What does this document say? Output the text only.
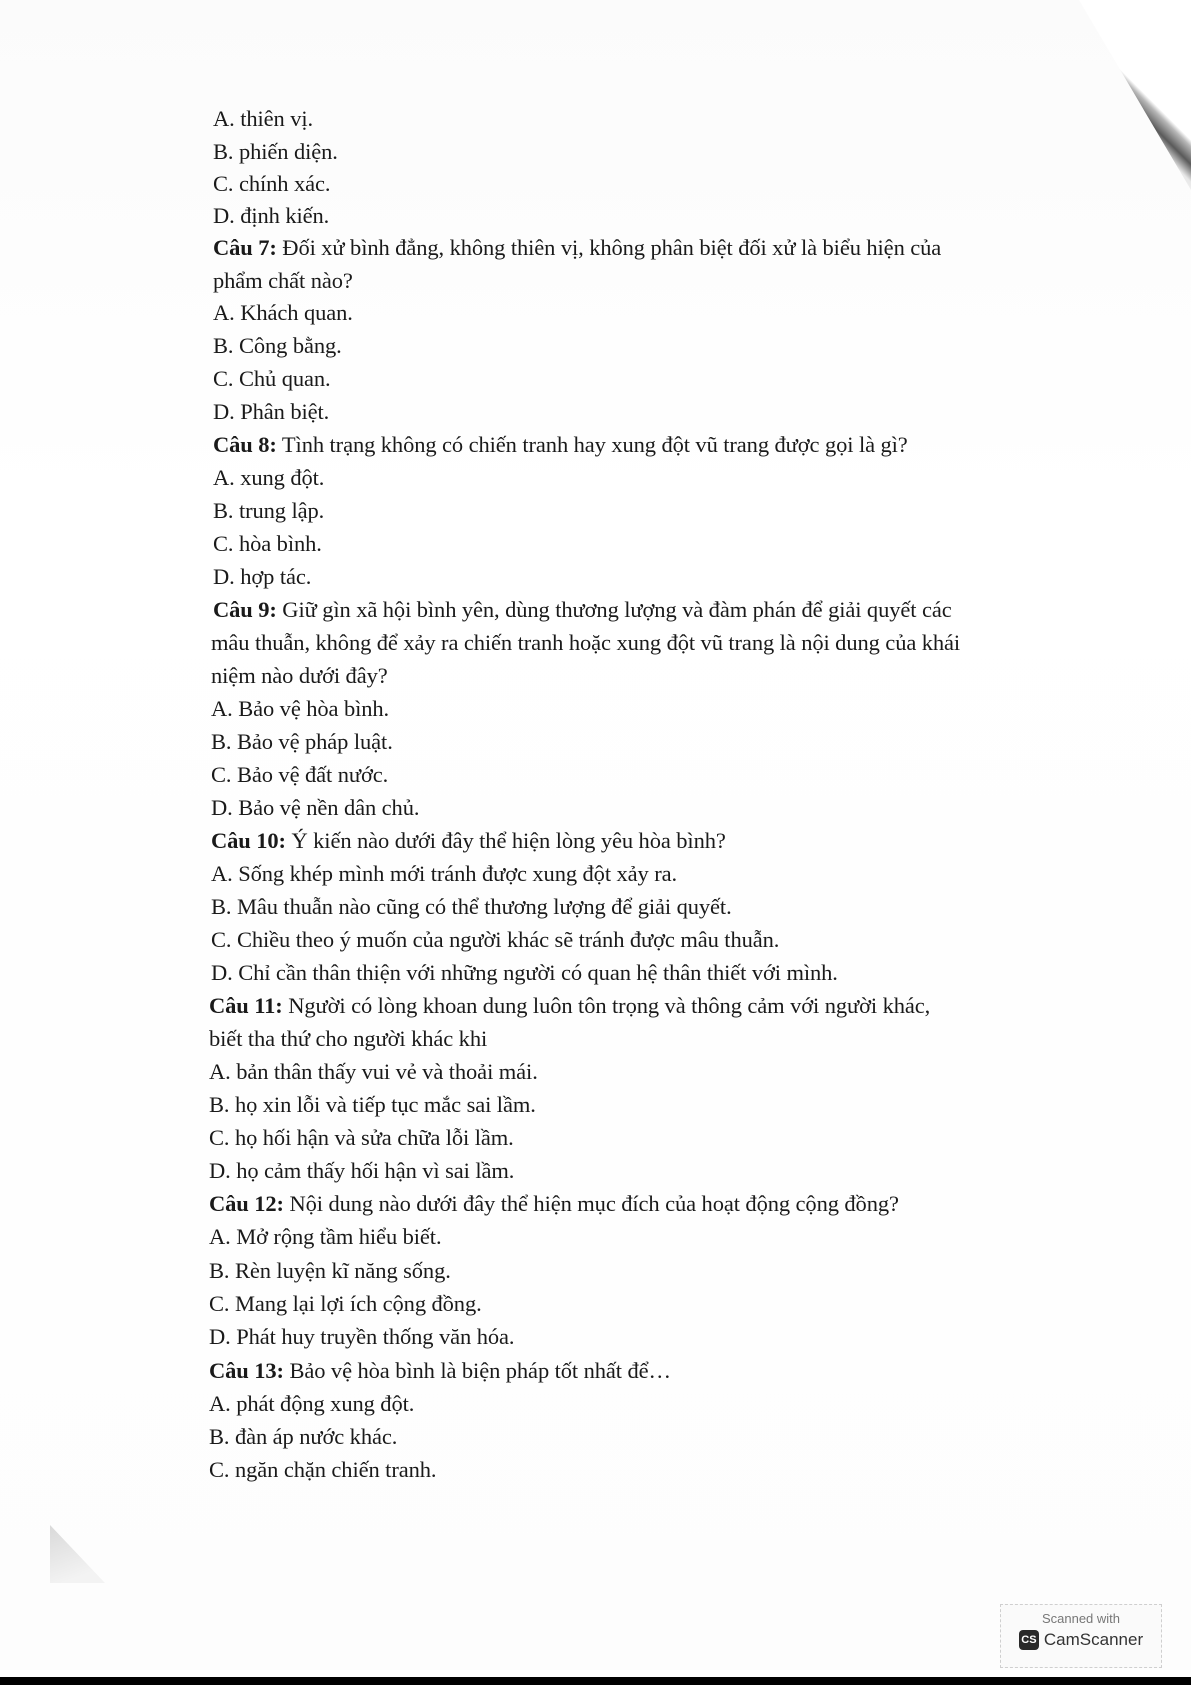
A. thiên vị.
B. phiến diện.
C. chính xác.
D. định kiến.
Câu 7: Đối xử bình đẳng, không thiên vị, không phân biệt đối xử là biểu hiện của
phẩm chất nào?
A. Khách quan.
B. Công bằng.
C. Chủ quan.
D. Phân biệt.
Câu 8: Tình trạng không có chiến tranh hay xung đột vũ trang được gọi là gì?
A. xung đột.
B. trung lập.
C. hòa bình.
D. hợp tác.
Câu 9: Giữ gìn xã hội bình yên, dùng thương lượng và đàm phán để giải quyết các
mâu thuẫn, không để xảy ra chiến tranh hoặc xung đột vũ trang là nội dung của khái
niệm nào dưới đây?
A. Bảo vệ hòa bình.
B. Bảo vệ pháp luật.
C. Bảo vệ đất nước.
D. Bảo vệ nền dân chủ.
Câu 10: Ý kiến nào dưới đây thể hiện lòng yêu hòa bình?
A. Sống khép mình mới tránh được xung đột xảy ra.
B. Mâu thuẫn nào cũng có thể thương lượng để giải quyết.
C. Chiều theo ý muốn của người khác sẽ tránh được mâu thuẫn.
D. Chỉ cần thân thiện với những người có quan hệ thân thiết với mình.
Câu 11: Người có lòng khoan dung luôn tôn trọng và thông cảm với người khác,
biết tha thứ cho người khác khi
A. bản thân thấy vui vẻ và thoải mái.
B. họ xin lỗi và tiếp tục mắc sai lầm.
C. họ hối hận và sửa chữa lỗi lầm.
D. họ cảm thấy hối hận vì sai lầm.
Câu 12: Nội dung nào dưới đây thể hiện mục đích của hoạt động cộng đồng?
A. Mở rộng tầm hiểu biết.
B. Rèn luyện kĩ năng sống.
C. Mang lại lợi ích cộng đồng.
D. Phát huy truyền thống văn hóa.
Câu 13: Bảo vệ hòa bình là biện pháp tốt nhất để…
A. phát động xung đột.
B. đàn áp nước khác.
C. ngăn chặn chiến tranh.
Scanned with
CS CamScanner
